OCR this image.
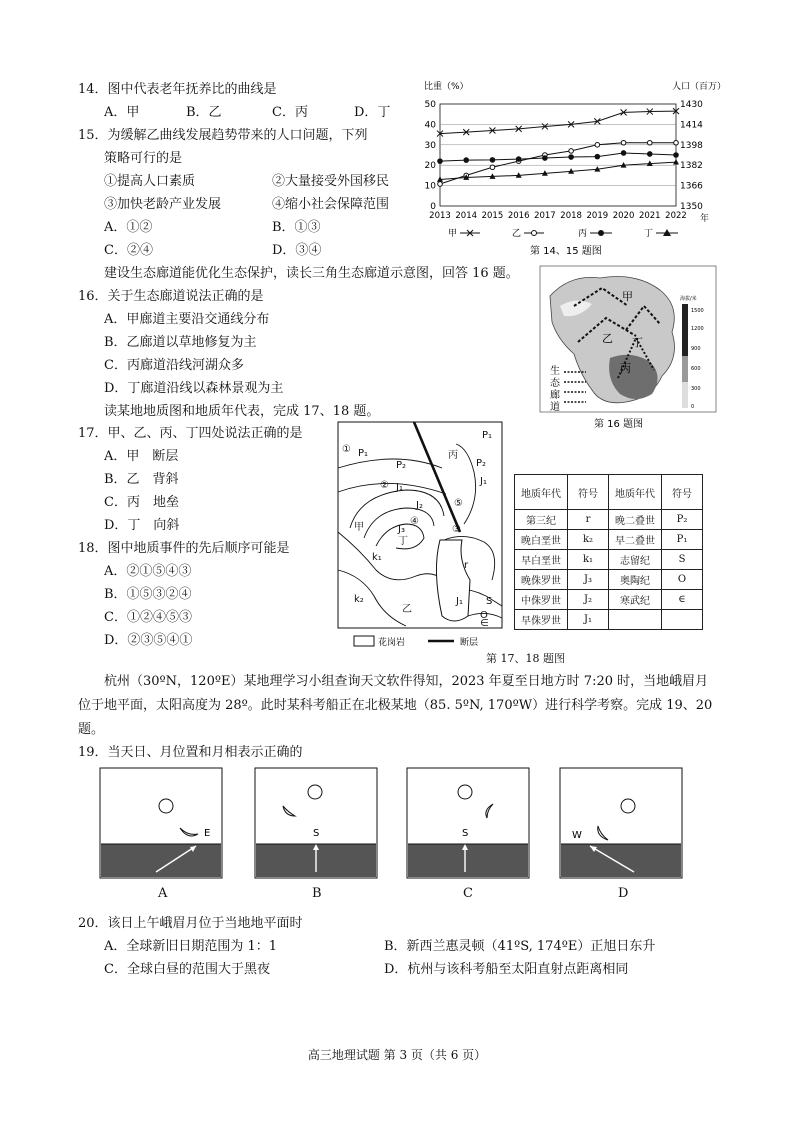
14．图中代表老年抚养比的曲线是
A．甲	B．乙	C．丙	D．丁
15．为缓解乙曲线发展趋势带来的人口问题，下列
策略可行的是
①提高人口素质	②大量接受外国移民
③加快老龄产业发展	④缩小社会保障范围
A．①②	B．①③
C．②④	D．③④
比重（%）	人口（百万）
50
40
30
20
10
0
1430
1414
1398
1382
1366
1350
2013 2014 2015 2016 2017 2018 2019 2020 2021 2022 年
甲	乙	丙	丁
第 14、15 题图
建设生态廊道能优化生态保护，读长三角生态廊道示意图，回答 16 题。
16．关于生态廊道说法正确的是
A．甲廊道主要沿交通线分布
B．乙廊道以草地修复为主
C．丙廊道沿线河湖众多
D．丁廊道沿线以森林景观为主
甲
乙
丙
丁
生
态
廊
道
海拔/米
1500
1200
900
600
300
0
第 16 题图
读某地地质图和地质年代表，完成 17、18 题。
17．甲、乙、丙、丁四处说法正确的是
A．甲　断层
B．乙　背斜
C．丙　地垒
D．丁　向斜
18．图中地质事件的先后顺序可能是
A．②①⑤④③
B．①⑤③②④
C．①②④⑤③
D．②③⑤④①
①
P₁
丙
P₁
P₂	P₂
② J₁
J₁
J₂	⑤
甲	J₃
④
丁
③
k₁
r
k₂
乙
J₁ S
O
∈
花岗岩	断层
地质年代	符号	地质年代	符号
第三纪	r	晚二叠世	P₂
晚白垩世	k₂	早二叠世	P₁
早白垩世	k₁	志留纪	S
晚侏罗世	J₃	奥陶纪	O
中侏罗世	J₂	寒武纪	∈
早侏罗世	J₁		
第 17、18 题图
杭州（30ºN，120ºE）某地理学习小组查询天文软件得知，2023 年夏至日地方时 7:20 时，当地峨眉月
位于地平面，太阳高度为 28º。此时某科考船正在北极某地（85. 5ºN, 170ºW）进行科学考察。完成 19、20
题。
19．当天日、月位置和月相表示正确的
E
A
S
B
S
C
W
D
20．该日上午峨眉月位于当地地平面时
A．全球新旧日期范围为 1：1	B．新西兰惠灵顿（41ºS, 174ºE）正旭日东升
C．全球白昼的范围大于黑夜	D．杭州与该科考船至太阳直射点距离相同
高三地理试题 第 3 页（共 6 页）
